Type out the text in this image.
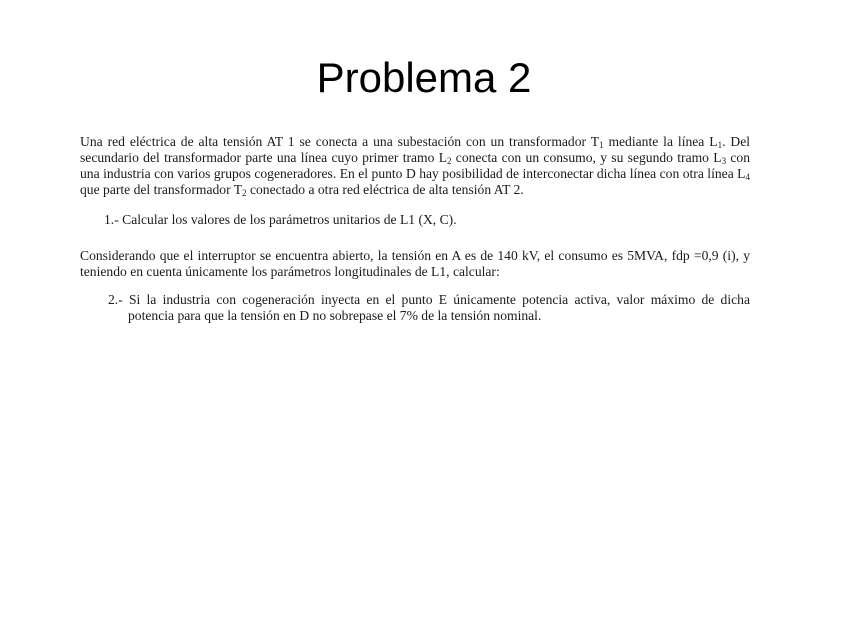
Problema 2

Una red eléctrica de alta tensión AT 1 se conecta a una subestación con un transformador $T_1$ mediante la línea $L_1$. Del secundario del transformador parte una línea cuyo primer tramo $L_2$ conecta con un consumo, y su segundo tramo $L_3$ con una industria con varios grupos cogeneradores. En el punto D hay posibilidad de interconectar dicha línea con otra línea $L_4$ que parte del transformador $T_2$ conectado a otra red eléctrica de alta tensión AT 2.

1.- Calcular los valores de los parámetros unitarios de L1 (X, C).

Considerando que el interruptor se encuentra abierto, la tensión en A es de 140 kV, el consumo es 5MVA, fdp =0,9 (i), y teniendo en cuenta únicamente los parámetros longitudinales de L1, calcular:

2.- Si la industria con cogeneración inyecta en el punto E únicamente potencia activa, valor máximo de dicha potencia para que la tensión en D no sobrepase el 7% de la tensión nominal.
